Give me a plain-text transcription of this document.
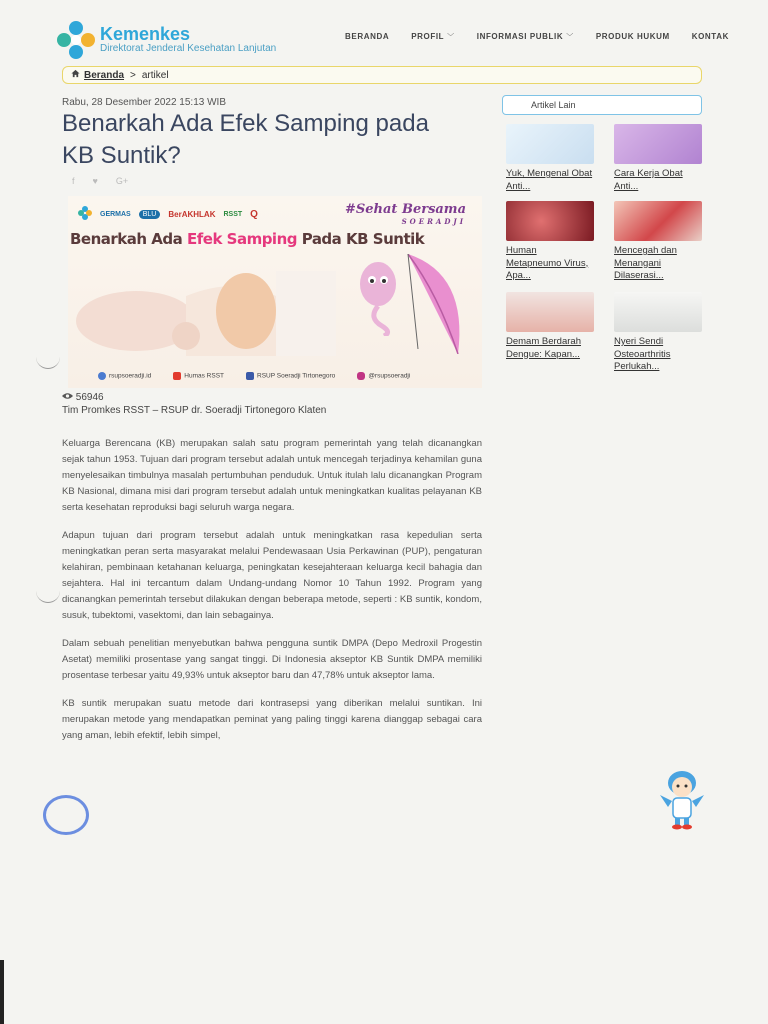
Kemenkes
Direktorat Jenderal Kesehatan Lanjutan
BERANDA	PROFIL ﹀	INFORMASI PUBLIK ﹀	PRODUK HUKUM	KONTAK
Beranda > artikel
Rabu, 28 Desember 2022 15:13 WIB
Benarkah Ada Efek Samping pada KB Suntik?
f ♥ G+
GERMAS	BLU	BerAKHLAK RSST Q	#Sehat Bersama
SOERADJI
Benarkah Ada Efek Samping Pada KB Suntik
rsupsoeradji.id	Humas RSST	RSUP Soeradji Tirtonegoro	@rsupsoeradji
56946
Tim Promkes RSST – RSUP dr. Soeradji Tirtonegoro Klaten

Keluarga Berencana (KB) merupakan salah satu program pemerintah yang telah dicanangkan sejak tahun 1953. Tujuan dari program tersebut adalah untuk mencegah terjadinya kehamilan guna menyelesaikan timbulnya masalah pertumbuhan penduduk. Untuk itulah lalu dicanangkan Program KB Nasional, dimana misi dari program tersebut adalah untuk meningkatkan kualitas pelayanan KB serta kesehatan reproduksi bagi seluruh warga negara.

Adapun tujuan dari program tersebut adalah untuk meningkatkan rasa kepedulian serta meningkatkan peran serta masyarakat melalui Pendewasaan Usia Perkawinan (PUP), pengaturan kelahiran, pembinaan ketahanan keluarga, peningkatan kesejahteraan keluarga kecil bahagia dan sejahtera. Hal ini tercantum dalam Undang-undang Nomor 10 Tahun 1992. Program yang dicanangkan pemerintah tersebut dilakukan dengan beberapa metode, seperti : KB suntik, kondom, susuk, tubektomi, vasektomi, dan lain sebagainya.

Dalam sebuah penelitian menyebutkan bahwa pengguna suntik DMPA (Depo Medroxil Progestin Asetat) memiliki prosentase yang sangat tinggi. Di Indonesia akseptor KB Suntik DMPA memiliki prosentase terbesar yaitu 49,93% untuk akseptor baru dan 47,78% untuk akseptor lama.

KB suntik merupakan suatu metode dari kontrasepsi yang diberikan melalui suntikan. Ini merupakan metode yang mendapatkan peminat yang paling tinggi karena dianggap sebagai cara yang aman, lebih efektif, lebih simpel,

Artikel Lain
Yuk, Mengenal Obat Anti...
Cara Kerja Obat Anti...
Human Metapneumo Virus, Apa...
Mencegah dan Menangani Dilaserasi...
Demam Berdarah Dengue: Kapan...
Nyeri Sendi Osteoarthritis Perlukah...
